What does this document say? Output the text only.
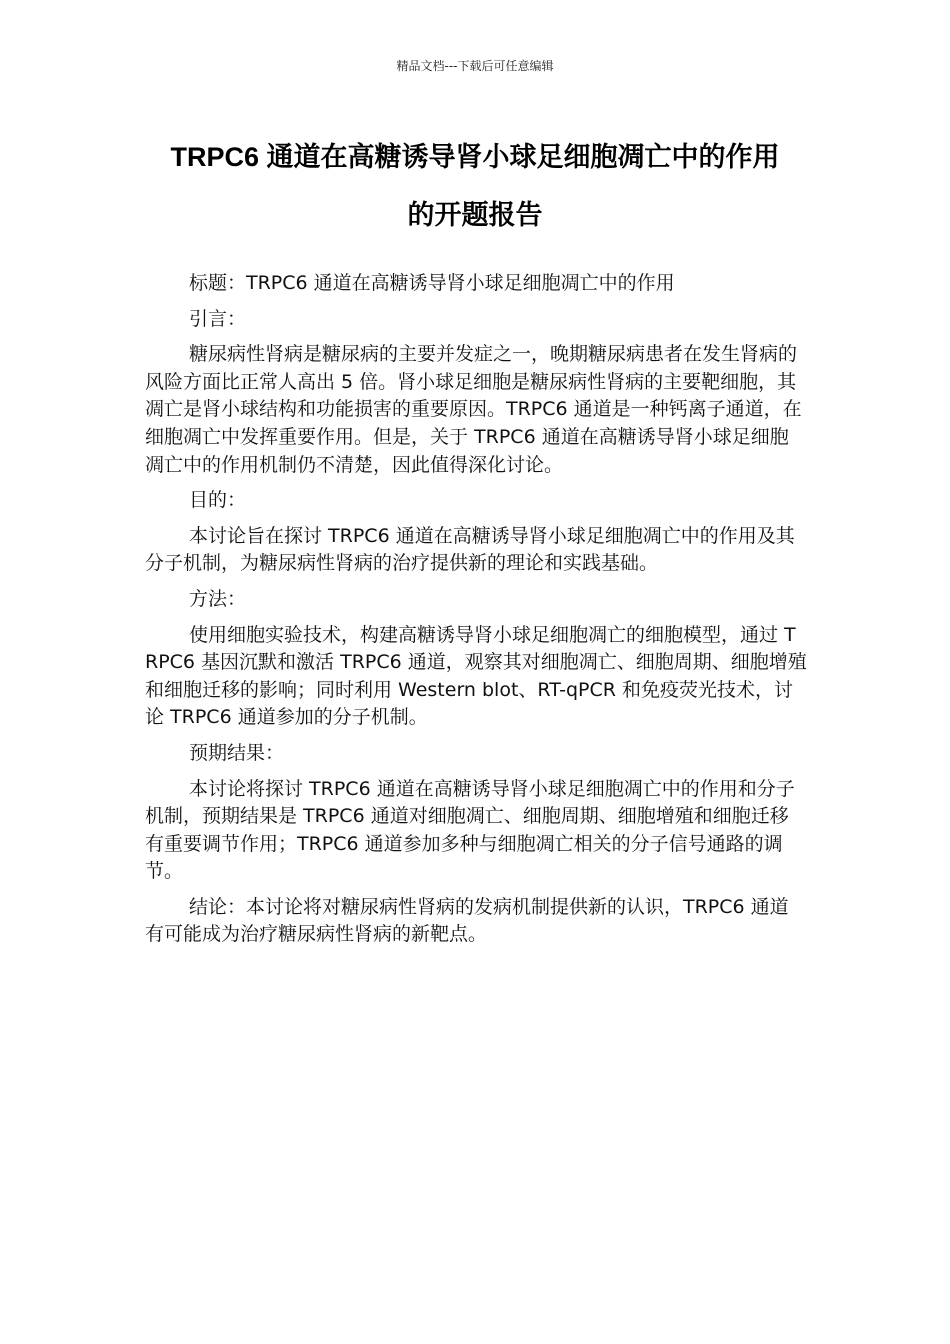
精品文档---下载后可任意编辑
TRPC6 通道在高糖诱导肾小球足细胞凋亡中的作用
的开题报告

标题：TRPC6 通道在高糖诱导肾小球足细胞凋亡中的作用

引言：

糖尿病性肾病是糖尿病的主要并发症之一，晚期糖尿病患者在发生肾病的风险方面比正常人高出 5 倍。肾小球足细胞是糖尿病性肾病的主要靶细胞，其凋亡是肾小球结构和功能损害的重要原因。TRPC6 通道是一种钙离子通道，在细胞凋亡中发挥重要作用。但是，关于 TRPC6 通道在高糖诱导肾小球足细胞凋亡中的作用机制仍不清楚，因此值得深化讨论。

目的：

本讨论旨在探讨 TRPC6 通道在高糖诱导肾小球足细胞凋亡中的作用及其分子机制，为糖尿病性肾病的治疗提供新的理论和实践基础。

方法：

使用细胞实验技术，构建高糖诱导肾小球足细胞凋亡的细胞模型，通过 TRPC6 基因沉默和激活 TRPC6 通道，观察其对细胞凋亡、细胞周期、细胞增殖和细胞迁移的影响；同时利用 Western blot、RT-qPCR 和免疫荧光技术，讨论 TRPC6 通道参加的分子机制。

预期结果：

本讨论将探讨 TRPC6 通道在高糖诱导肾小球足细胞凋亡中的作用和分子机制，预期结果是 TRPC6 通道对细胞凋亡、细胞周期、细胞增殖和细胞迁移有重要调节作用；TRPC6 通道参加多种与细胞凋亡相关的分子信号通路的调节。

结论：本讨论将对糖尿病性肾病的发病机制提供新的认识，TRPC6 通道有可能成为治疗糖尿病性肾病的新靶点。
